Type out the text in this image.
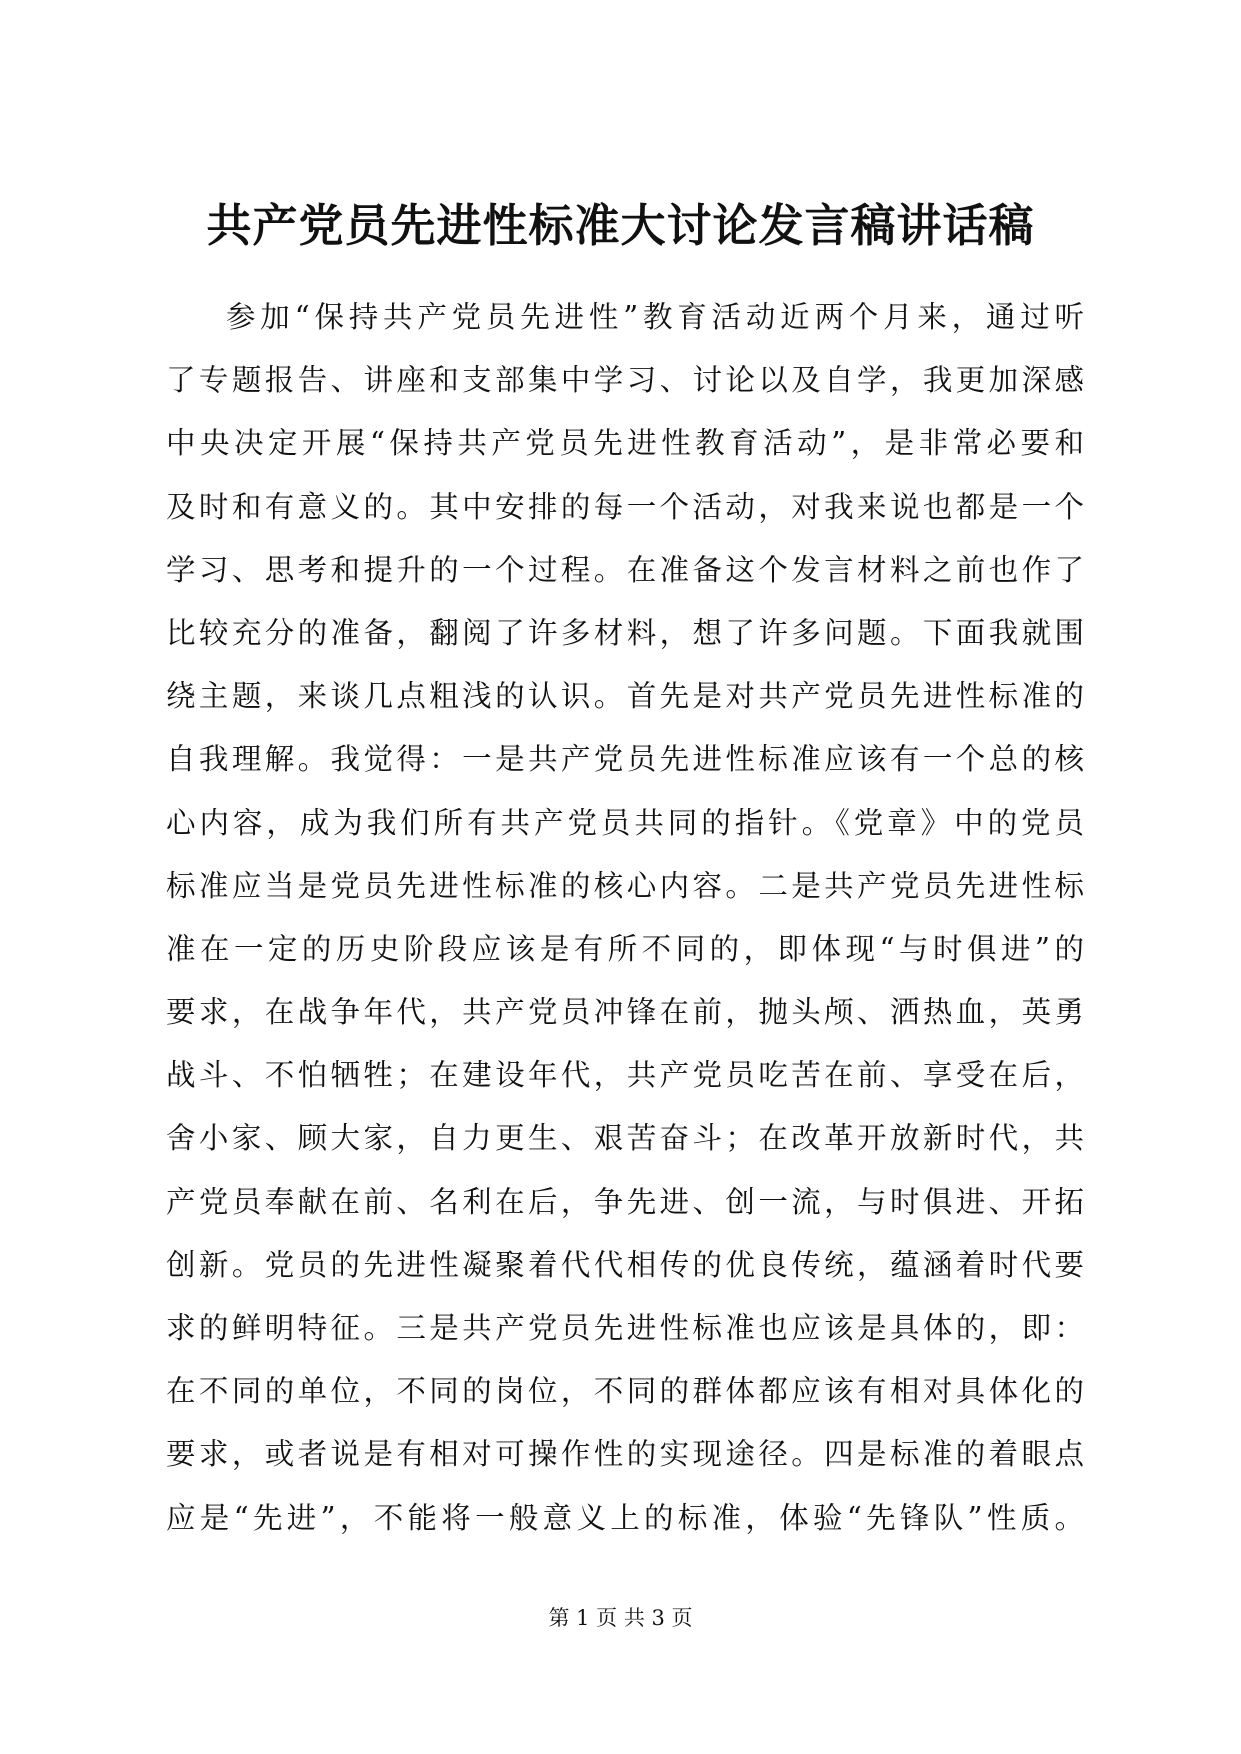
共产党员先进性标准大讨论发言稿讲话稿
参加“保持共产党员先进性”教育活动近两个月来，通过听
了专题报告、讲座和支部集中学习、讨论以及自学，我更加深感
中央决定开展“保持共产党员先进性教育活动”，是非常必要和
及时和有意义的。其中安排的每一个活动，对我来说也都是一个
学习、思考和提升的一个过程。在准备这个发言材料之前也作了
比较充分的准备，翻阅了许多材料，想了许多问题。下面我就围
绕主题，来谈几点粗浅的认识。首先是对共产党员先进性标准的
自我理解。我觉得：一是共产党员先进性标准应该有一个总的核
心内容，成为我们所有共产党员共同的指针。《党章》中的党员
标准应当是党员先进性标准的核心内容。二是共产党员先进性标
准在一定的历史阶段应该是有所不同的，即体现“与时俱进”的
要求，在战争年代，共产党员冲锋在前，抛头颅、洒热血，英勇
战斗、不怕牺牲；在建设年代，共产党员吃苦在前、享受在后，
舍小家、顾大家，自力更生、艰苦奋斗；在改革开放新时代，共
产党员奉献在前、名利在后，争先进、创一流，与时俱进、开拓
创新。党员的先进性凝聚着代代相传的优良传统，蕴涵着时代要
求的鲜明特征。三是共产党员先进性标准也应该是具体的，即：
在不同的单位，不同的岗位，不同的群体都应该有相对具体化的
要求，或者说是有相对可操作性的实现途径。四是标准的着眼点
应是“先进”，不能将一般意义上的标准，体验“先锋队”性质。
第 1 页 共 3 页
